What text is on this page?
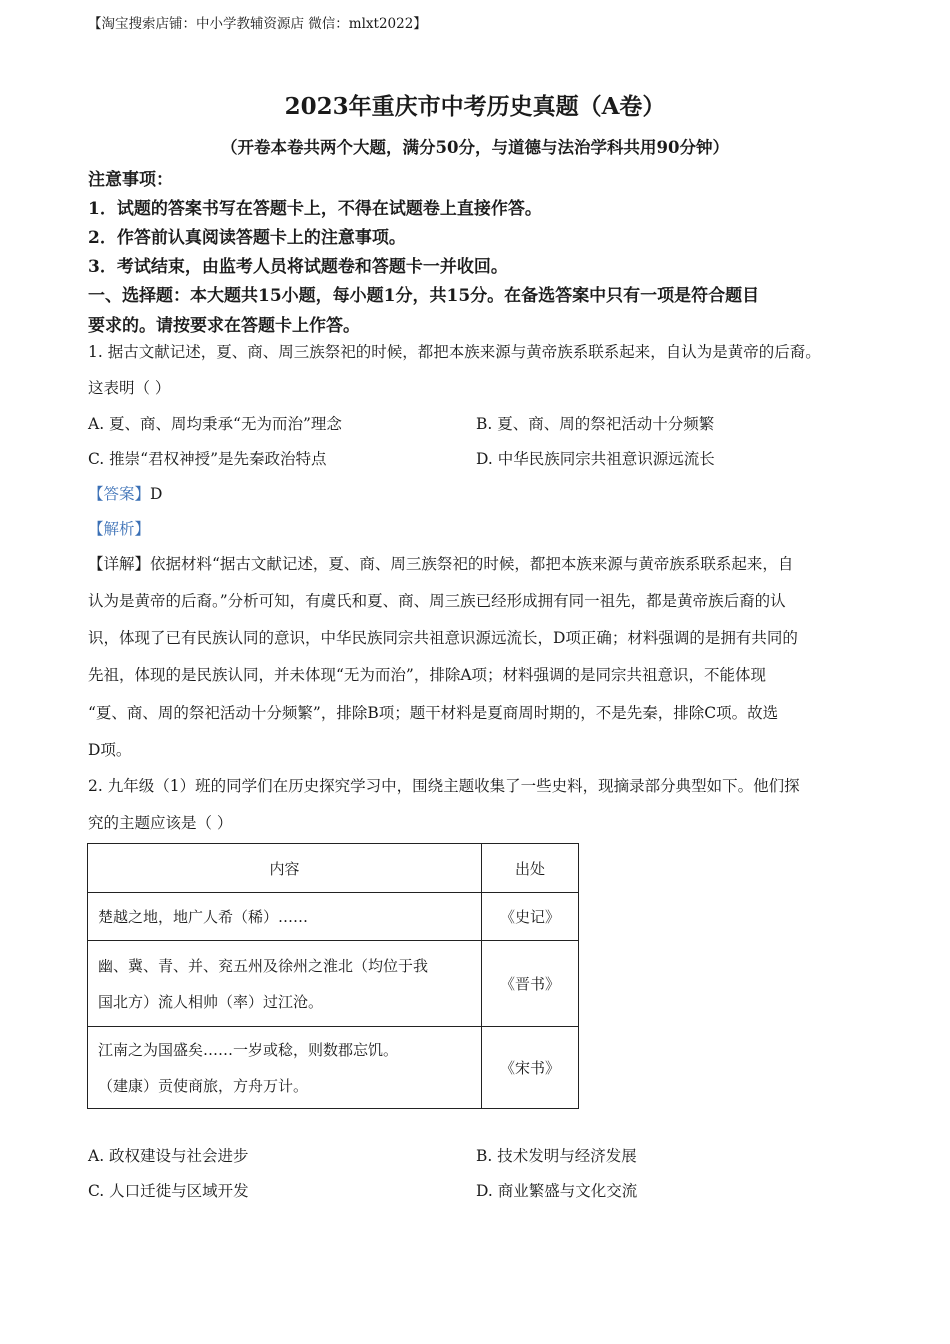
【淘宝搜索店铺：中小学教辅资源店 微信：mlxt2022】
2023年重庆市中考历史真题（A卷）
（开卷本卷共两个大题，满分50分，与道德与法治学科共用90分钟）
注意事项：
1．试题的答案书写在答题卡上，不得在试题卷上直接作答。
2．作答前认真阅读答题卡上的注意事项。
3．考试结束，由监考人员将试题卷和答题卡一并收回。
一、选择题：本大题共15小题，每小题1分，共15分。在备选答案中只有一项是符合题目
要求的。请按要求在答题卡上作答。
1. 据古文献记述，夏、商、周三族祭祀的时候，都把本族来源与黄帝族系联系起来，自认为是黄帝的后裔。
这表明（ ）
A. 夏、商、周均秉承“无为而治”理念	B. 夏、商、周的祭祀活动十分频繁
C. 推崇“君权神授”是先秦政治特点	D. 中华民族同宗共祖意识源远流长
【答案】D
【解析】
【详解】依据材料“据古文献记述，夏、商、周三族祭祀的时候，都把本族来源与黄帝族系联系起来，自
认为是黄帝的后裔。”分析可知，有虞氏和夏、商、周三族已经形成拥有同一祖先，都是黄帝族后裔的认
识，体现了已有民族认同的意识，中华民族同宗共祖意识源远流长，D项正确；材料强调的是拥有共同的
先祖，体现的是民族认同，并未体现“无为而治”，排除A项；材料强调的是同宗共祖意识，不能体现
“夏、商、周的祭祀活动十分频繁”，排除B项；题干材料是夏商周时期的，不是先秦，排除C项。故选
D项。
2. 九年级（1）班的同学们在历史探究学习中，围绕主题收集了一些史料，现摘录部分典型如下。他们探
究的主题应该是（ ）
内容	出处

楚越之地，地广人希（稀）……	《史记》

幽、冀、青、并、兖五州及徐州之淮北（均位于我
国北方）流人相帅（率）过江沧。	《晋书》

江南之为国盛矣……一岁或稔，则数郡忘饥。
（建康）贡使商旅，方舟万计。	《宋书》
A. 政权建设与社会进步	B. 技术发明与经济发展
C. 人口迁徙与区域开发	D. 商业繁盛与文化交流
